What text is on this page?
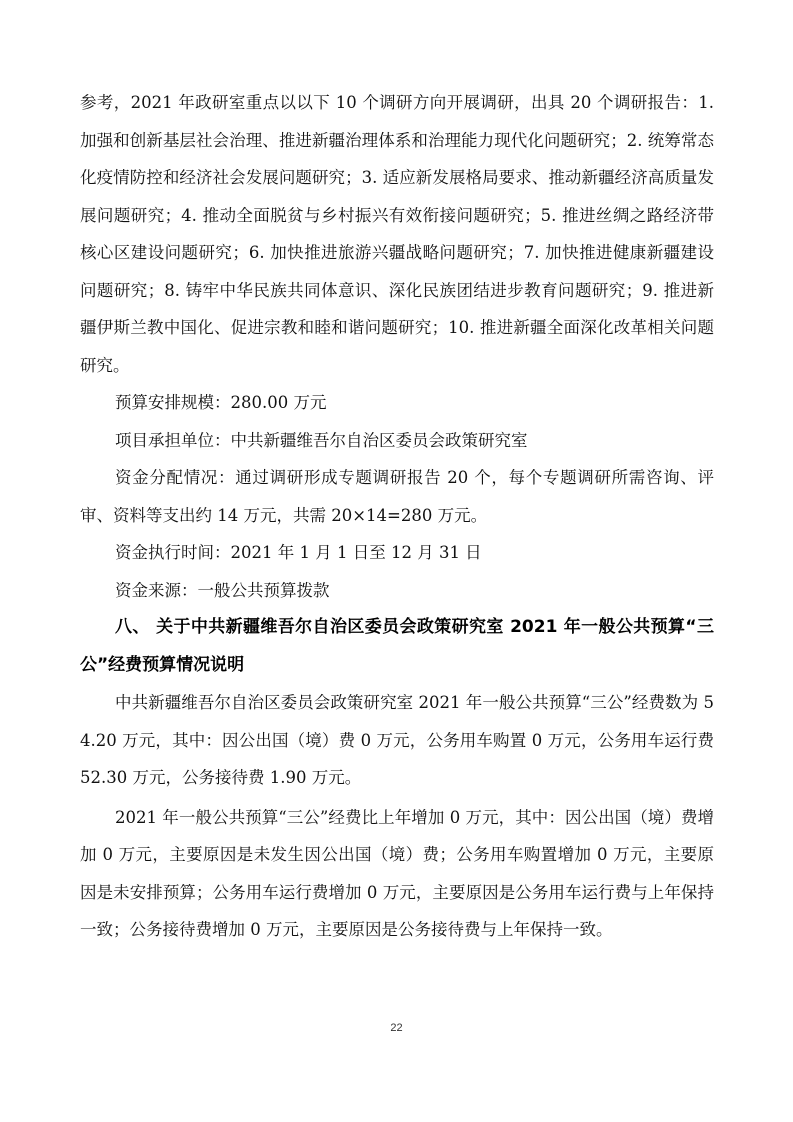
参考，2021 年政研室重点以以下 10 个调研方向开展调研，出具 20 个调研报告：1. 加强和创新基层社会治理、推进新疆治理体系和治理能力现代化问题研究；2. 统筹常态化疫情防控和经济社会发展问题研究；3. 适应新发展格局要求、推动新疆经济高质量发展问题研究；4. 推动全面脱贫与乡村振兴有效衔接问题研究；5. 推进丝绸之路经济带核心区建设问题研究；6. 加快推进旅游兴疆战略问题研究；7. 加快推进健康新疆建设问题研究；8. 铸牢中华民族共同体意识、深化民族团结进步教育问题研究；9. 推进新疆伊斯兰教中国化、促进宗教和睦和谐问题研究；10. 推进新疆全面深化改革相关问题研究。

预算安排规模：280.00 万元

项目承担单位：中共新疆维吾尔自治区委员会政策研究室

资金分配情况：通过调研形成专题调研报告 20 个，每个专题调研所需咨询、评审、资料等支出约 14 万元，共需 20×14=280 万元。

资金执行时间：2021 年 1 月 1 日至 12 月 31 日

资金来源：一般公共预算拨款

八、 关于中共新疆维吾尔自治区委员会政策研究室 2021 年一般公共预算“三公”经费预算情况说明

中共新疆维吾尔自治区委员会政策研究室 2021 年一般公共预算“三公”经费数为 54.20 万元，其中：因公出国（境）费 0 万元，公务用车购置 0 万元，公务用车运行费 52.30 万元，公务接待费 1.90 万元。

2021 年一般公共预算“三公”经费比上年增加 0 万元，其中：因公出国（境）费增加 0 万元，主要原因是未发生因公出国（境）费；公务用车购置增加 0 万元，主要原因是未安排预算；公务用车运行费增加 0 万元，主要原因是公务用车运行费与上年保持一致；公务接待费增加 0 万元，主要原因是公务接待费与上年保持一致。

22
